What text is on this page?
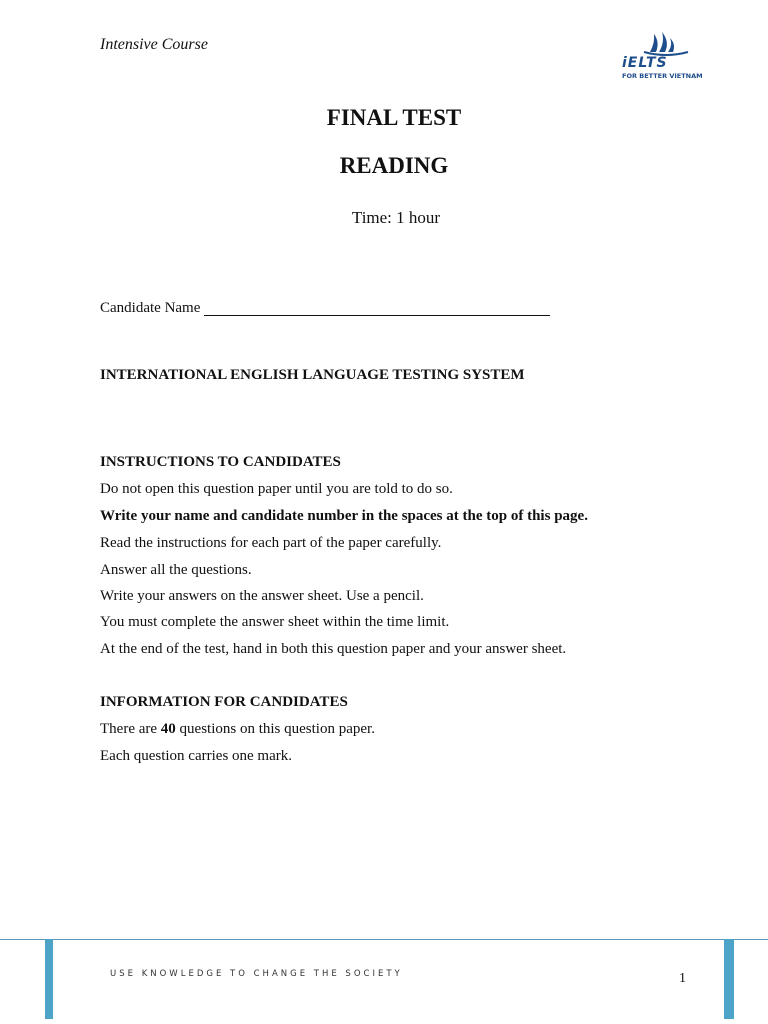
Intensive Course
iELTS
FOR BETTER VIETNAM
FINAL TEST
READING
Time: 1 hour
Candidate Name
INTERNATIONAL ENGLISH LANGUAGE TESTING SYSTEM
INSTRUCTIONS TO CANDIDATES
Do not open this question paper until you are told to do so.
Write your name and candidate number in the spaces at the top of this page.
Read the instructions for each part of the paper carefully.
Answer all the questions.
Write your answers on the answer sheet. Use a pencil.
You must complete the answer sheet within the time limit.
At the end of the test, hand in both this question paper and your answer sheet.
INFORMATION FOR CANDIDATES
There are 40 questions on this question paper.
Each question carries one mark.
USE KNOWLEDGE TO CHANGE THE SOCIETY	1
